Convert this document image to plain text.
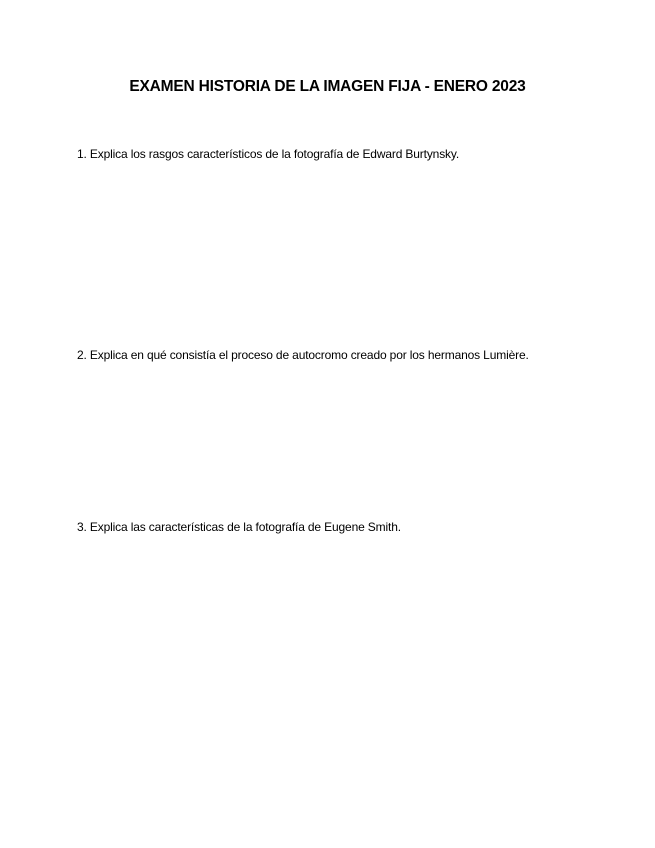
EXAMEN HISTORIA DE LA IMAGEN FIJA - ENERO 2023
1. Explica los rasgos característicos de la fotografía de Edward Burtynsky.
2. Explica en qué consistía el proceso de autocromo creado por los hermanos Lumière.
3. Explica las características de la fotografía de Eugene Smith.
